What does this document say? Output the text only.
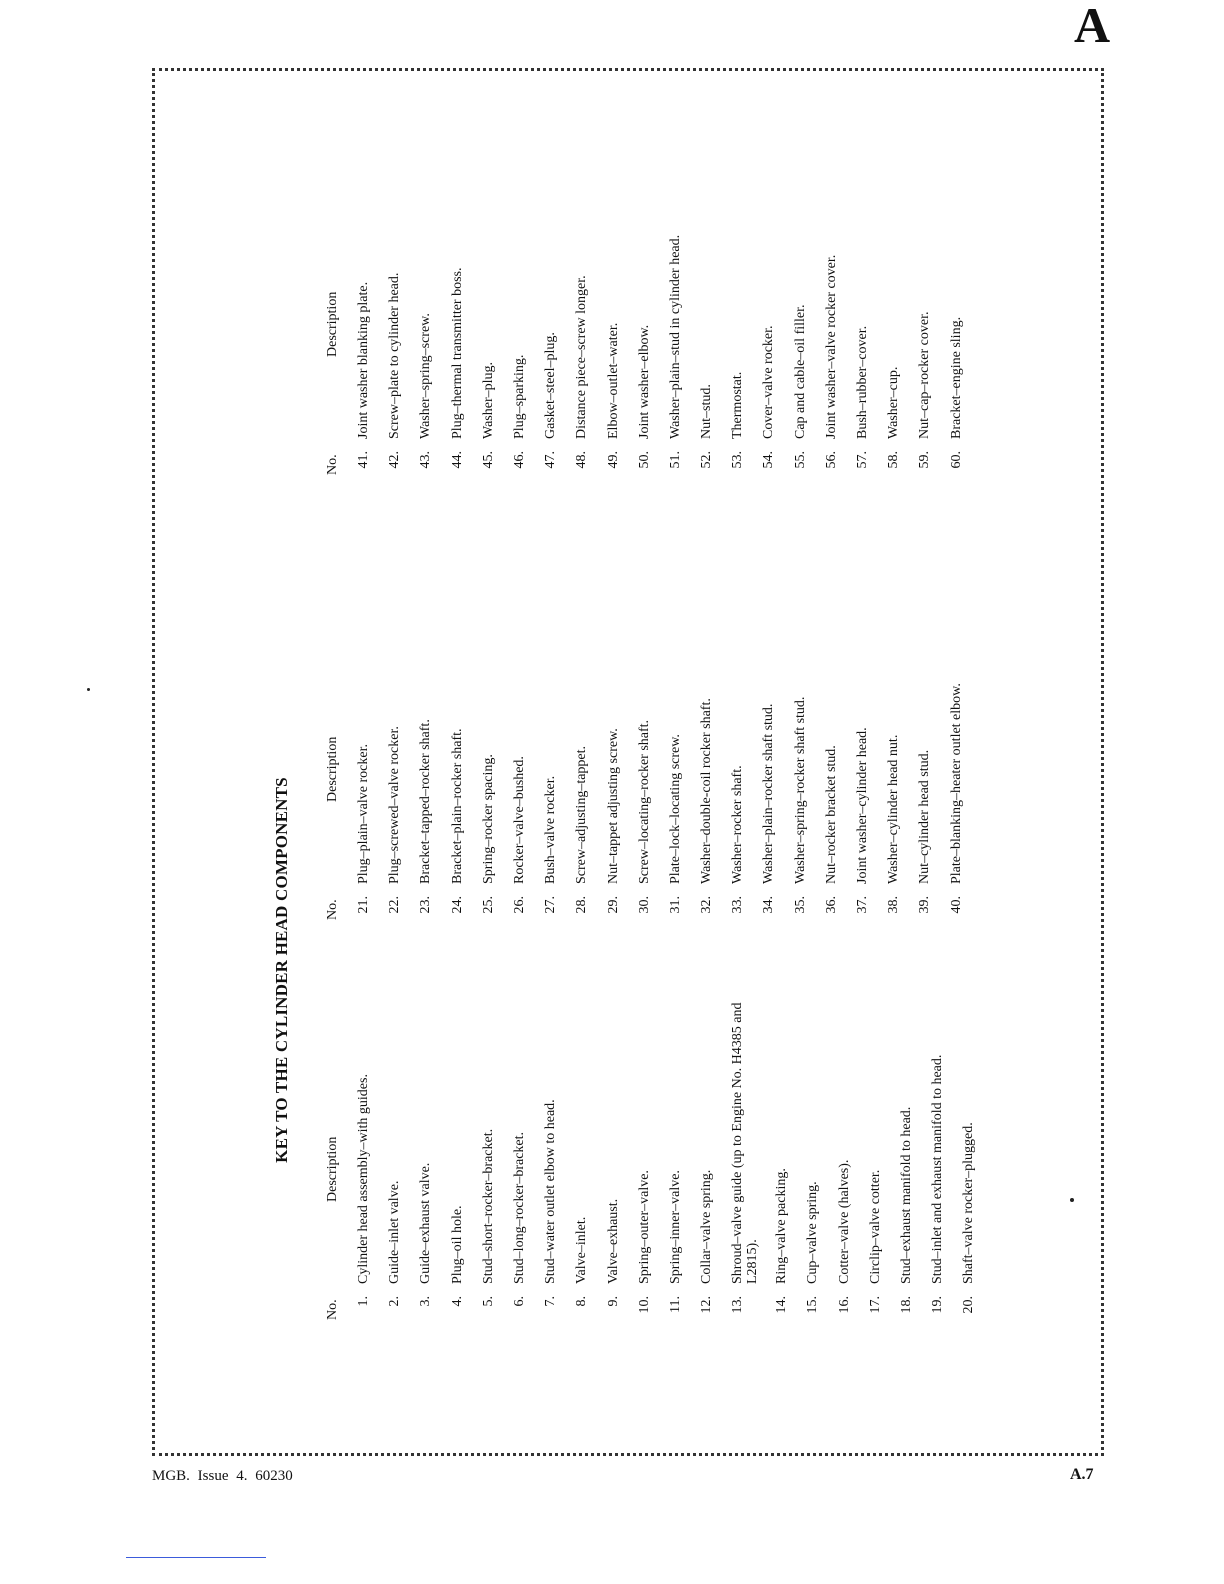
A
KEY TO THE CYLINDER HEAD COMPONENTS
No.
Description
1.
Cylinder head assembly–with guides.
2.
Guide–inlet valve.
3.
Guide–exhaust valve.
4.
Plug–oil hole.
5.
Stud–short–rocker–bracket.
6.
Stud–long–rocker–bracket.
7.
Stud–water outlet elbow to head.
8.
Valve–inlet.
9.
Valve–exhaust.
10.
Spring–outer–valve.
11.
Spring–inner–valve.
12.
Collar–valve spring.
13.
Shroud–valve guide (up to Engine No. H4385 and L2815).
14.
Ring–valve packing.
15.
Cup–valve spring.
16.
Cotter–valve (halves).
17.
Circlip–valve cotter.
18.
Stud–exhaust manifold to head.
19.
Stud–inlet and exhaust manifold to head.
20.
Shaft–valve rocker–plugged.
No.
Description
21.
Plug–plain–valve rocker.
22.
Plug–screwed–valve rocker.
23.
Bracket–tapped–rocker shaft.
24.
Bracket–plain–rocker shaft.
25.
Spring–rocker spacing.
26.
Rocker–valve–bushed.
27.
Bush–valve rocker.
28.
Screw–adjusting–tappet.
29.
Nut–tappet adjusting screw.
30.
Screw–locating–rocker shaft.
31.
Plate–lock–locating screw.
32.
Washer–double-coil rocker shaft.
33.
Washer–rocker shaft.
34.
Washer–plain–rocker shaft stud.
35.
Washer–spring–rocker shaft stud.
36.
Nut–rocker bracket stud.
37.
Joint washer–cylinder head.
38.
Washer–cylinder head nut.
39.
Nut–cylinder head stud.
40.
Plate–blanking–heater outlet elbow.
No.
Description
41.
Joint washer blanking plate.
42.
Screw–plate to cylinder head.
43.
Washer–spring–screw.
44.
Plug–thermal transmitter boss.
45.
Washer–plug.
46.
Plug–sparking.
47.
Gasket–steel–plug.
48.
Distance piece–screw longer.
49.
Elbow–outlet–water.
50.
Joint washer–elbow.
51.
Washer–plain–stud in cylinder head.
52.
Nut–stud.
53.
Thermostat.
54.
Cover–valve rocker.
55.
Cap and cable–oil filler.
56.
Joint washer–valve rocker cover.
57.
Bush–rubber–cover.
58.
Washer–cup.
59.
Nut–cap–rocker cover.
60.
Bracket–engine sling.
MGB. Issue 4. 60230	A.7
